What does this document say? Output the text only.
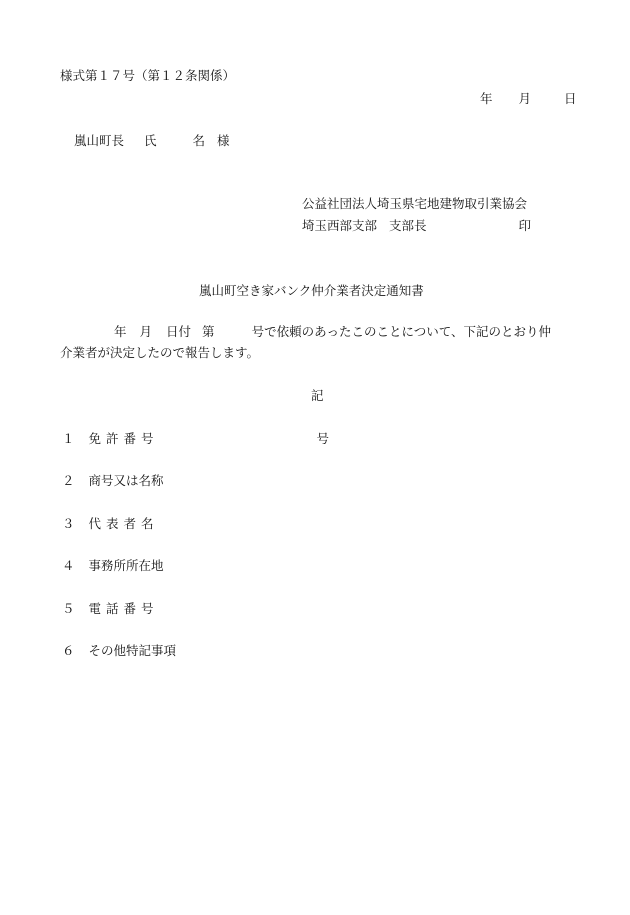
様式第１７号（第１２条関係）
年 月	日
嵐山町長 氏	名 様
公益社団法人埼玉県宅地建物取引業協会
埼玉西部支部 支部長	印
嵐山町空き家バンク仲介業者決定通知書
年 月 日付 第	号で依頼のあったこのことについて、下記のとおり仲
介業者が決定したので報告します。
記
１ 免許番号	号
２ 商号又は名称
３ 代表者名
４ 事務所所在地
５ 電話番号
６ その他特記事項
